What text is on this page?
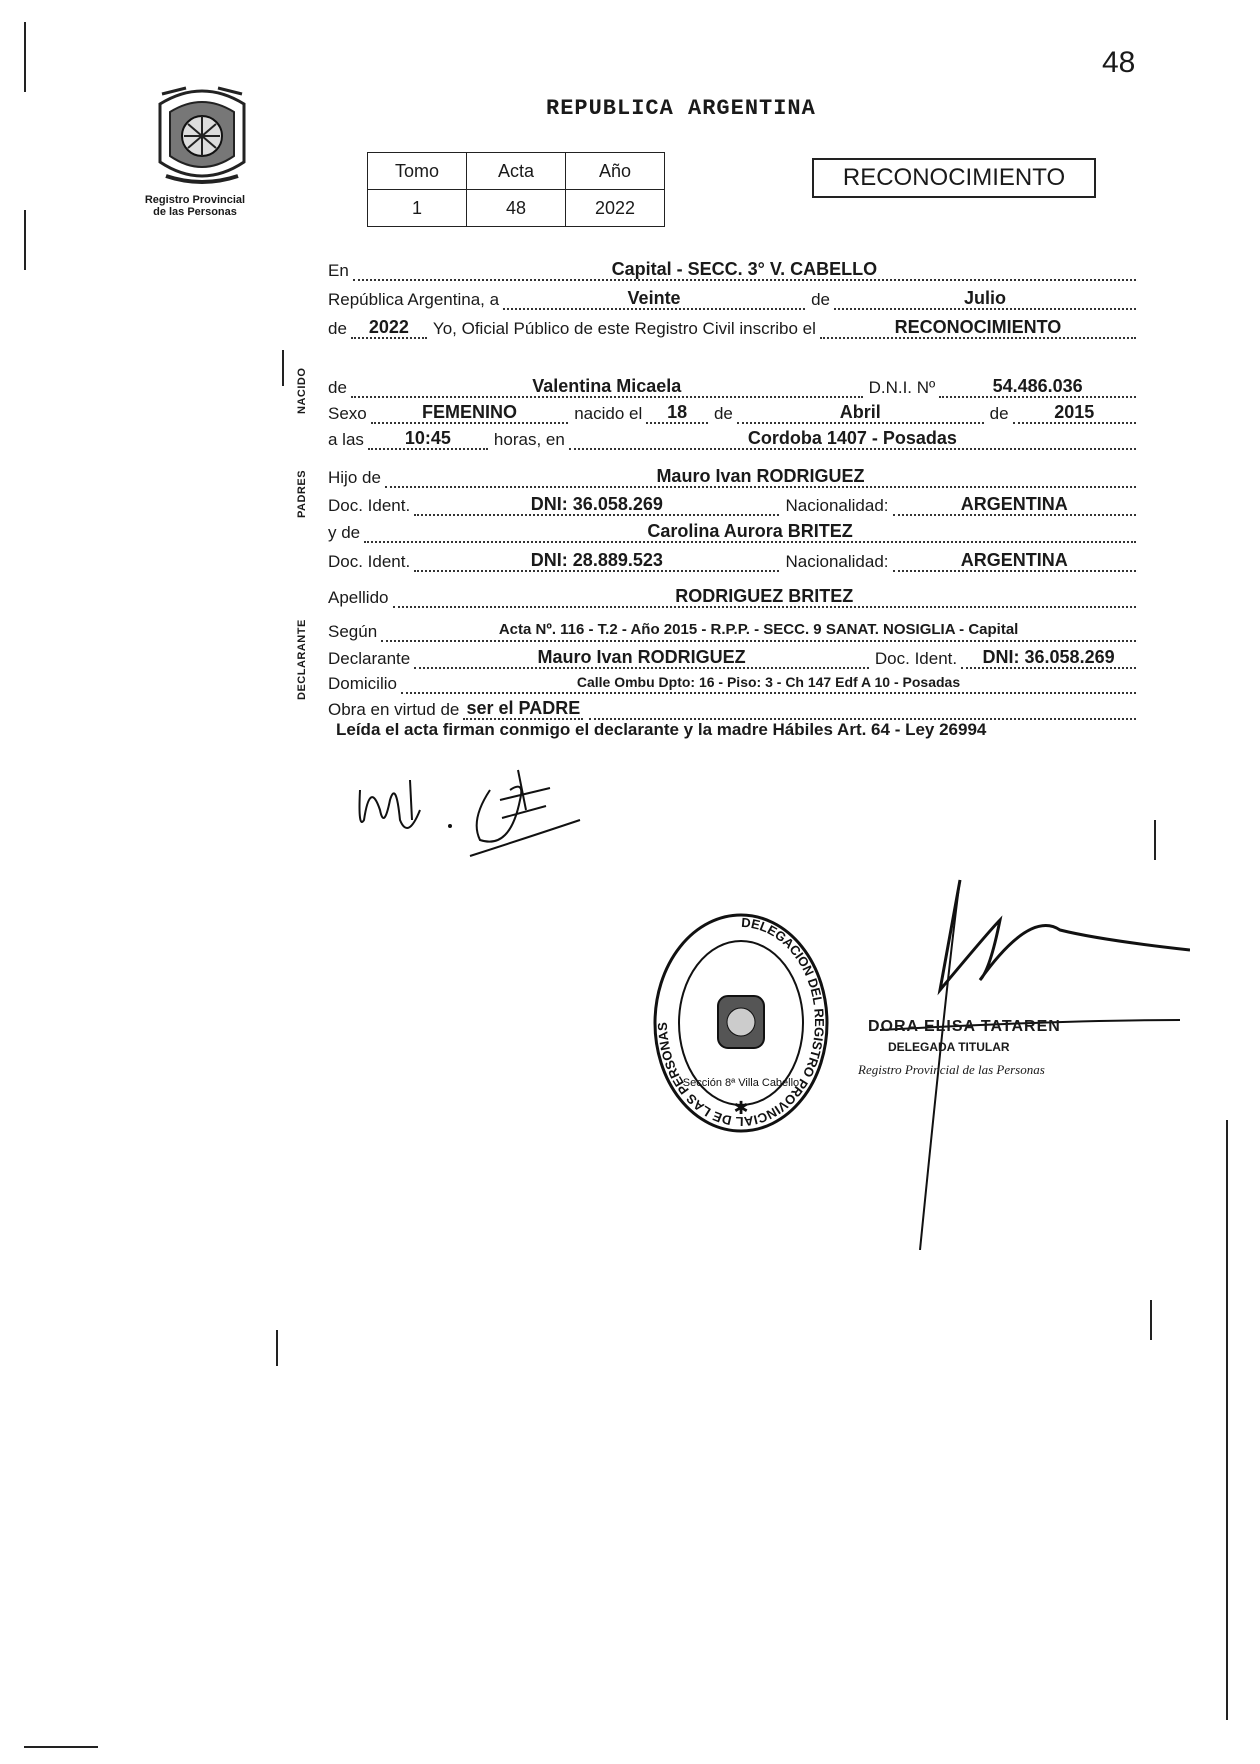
48
Registro Provincial
de las Personas
REPUBLICA ARGENTINA
Tomo	Acta	Año
1	48	2022
RECONOCIMIENTO
En	Capital - SECC. 3° V. CABELLO
República Argentina, a	Veinte	de	Julio
de	2022	Yo, Oficial Público de este Registro Civil inscribo el	RECONOCIMIENTO
de	Valentina Micaela	D.N.I. Nº	54.486.036
Sexo	FEMENINO	nacido el	18	de	Abril	de	2015
a las	10:45	horas, en	Cordoba 1407 - Posadas
Hijo de	Mauro Ivan RODRIGUEZ
Doc. Ident.	DNI: 36.058.269	Nacionalidad:	ARGENTINA
y de	Carolina Aurora BRITEZ
Doc. Ident.	DNI: 28.889.523	Nacionalidad:	ARGENTINA
Apellido	RODRIGUEZ BRITEZ
Según	Acta Nº. 116 - T.2 - Año 2015 - R.P.P. - SECC. 9 SANAT. NOSIGLIA - Capital
Declarante	Mauro Ivan RODRIGUEZ	Doc. Ident.	DNI: 36.058.269
Domicilio	Calle Ombu Dpto: 16 - Piso: 3 - Ch 147 Edf A 10 - Posadas
Obra en virtud de ser el PADRE
NACIDO
PADRES
DECLARANTE
Leída el acta firman conmigo el declarante y la madre Hábiles Art. 64 - Ley 26994
DELEGACION DEL REGISTRO PROVINCIAL DE LAS PERSONAS
Sección 8ª Villa Cabello
✱
DORA ELISA TATAREN
DELEGADA TITULAR
Registro Provincial de las Personas
